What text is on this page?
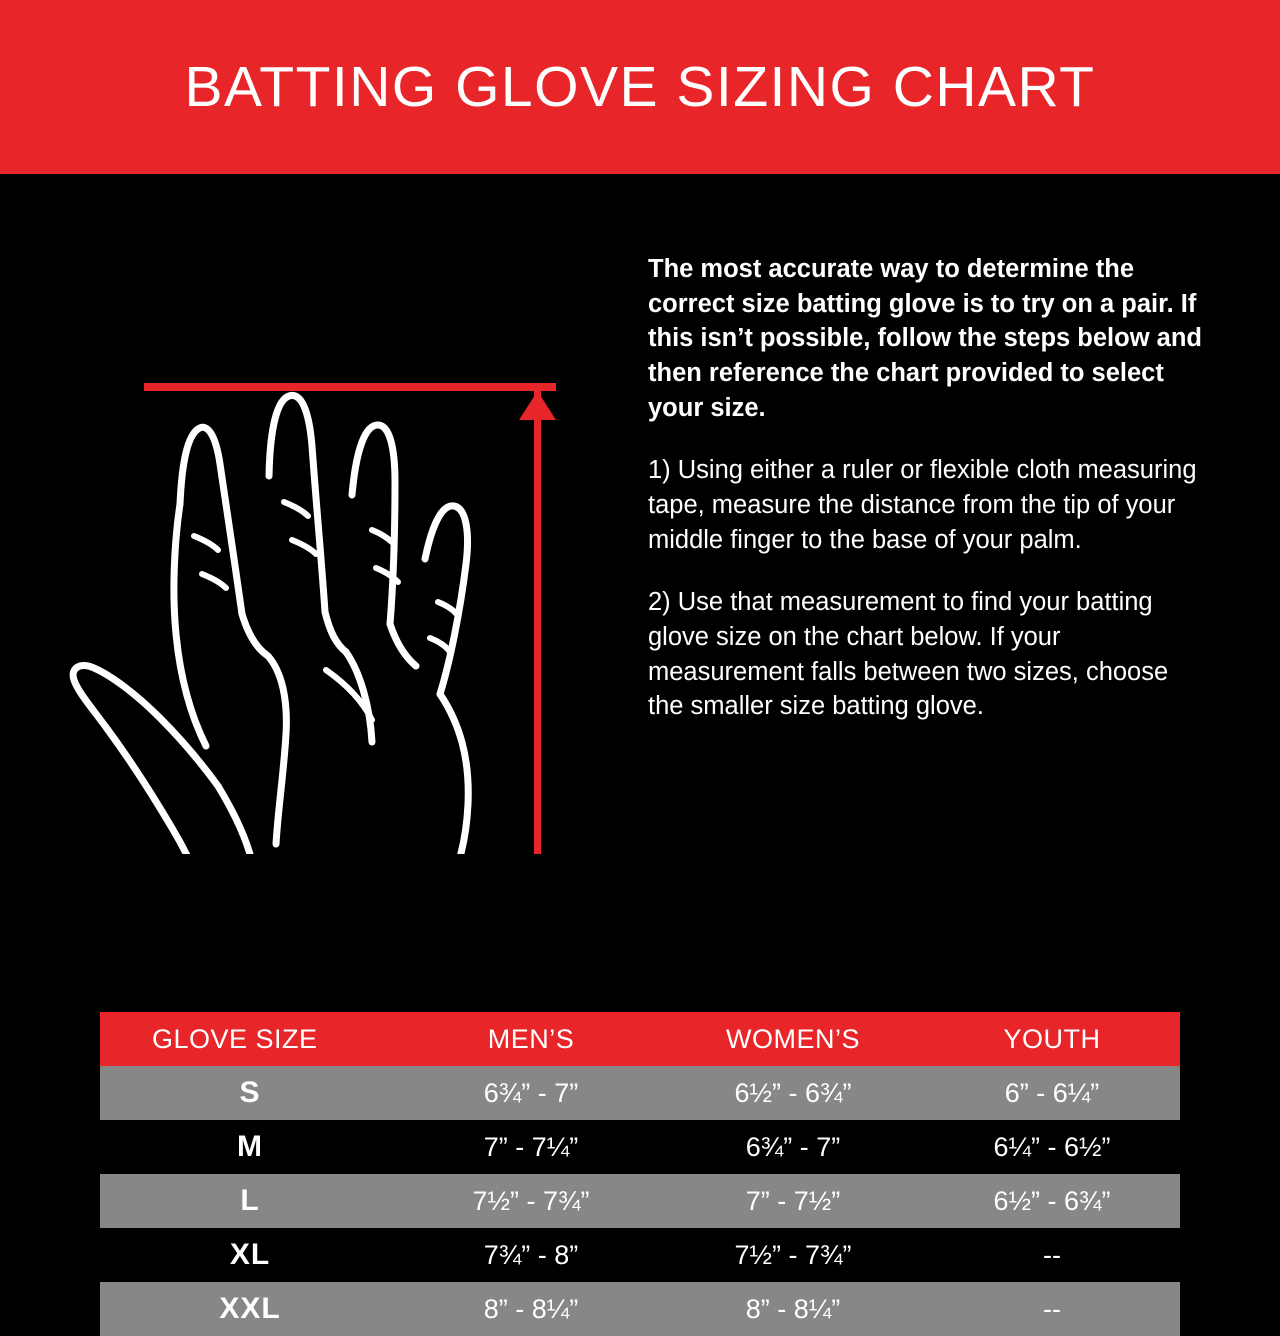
BATTING GLOVE SIZING CHART

The most accurate way to determine the correct size batting glove is to try on a pair. If this isn’t possible, follow the steps below and then reference the chart provided to select your size.

1) Using either a ruler or flexible cloth measuring tape, measure the distance from the tip of your middle finger to the base of your palm.

2) Use that measurement to find your batting glove size on the chart below. If your measurement falls between two sizes, choose the smaller size batting glove.

GLOVE SIZE	MEN’S	WOMEN’S	YOUTH
S	6¾” - 7”	6½” - 6¾”	6” - 6¼”
M	7” - 7¼”	6¾” - 7”	6¼” - 6½”
L	7½” - 7¾”	7” - 7½”	6½” - 6¾”
XL	7¾” - 8”	7½” - 7¾”	--
XXL	8” - 8¼”	8” - 8¼”	--
